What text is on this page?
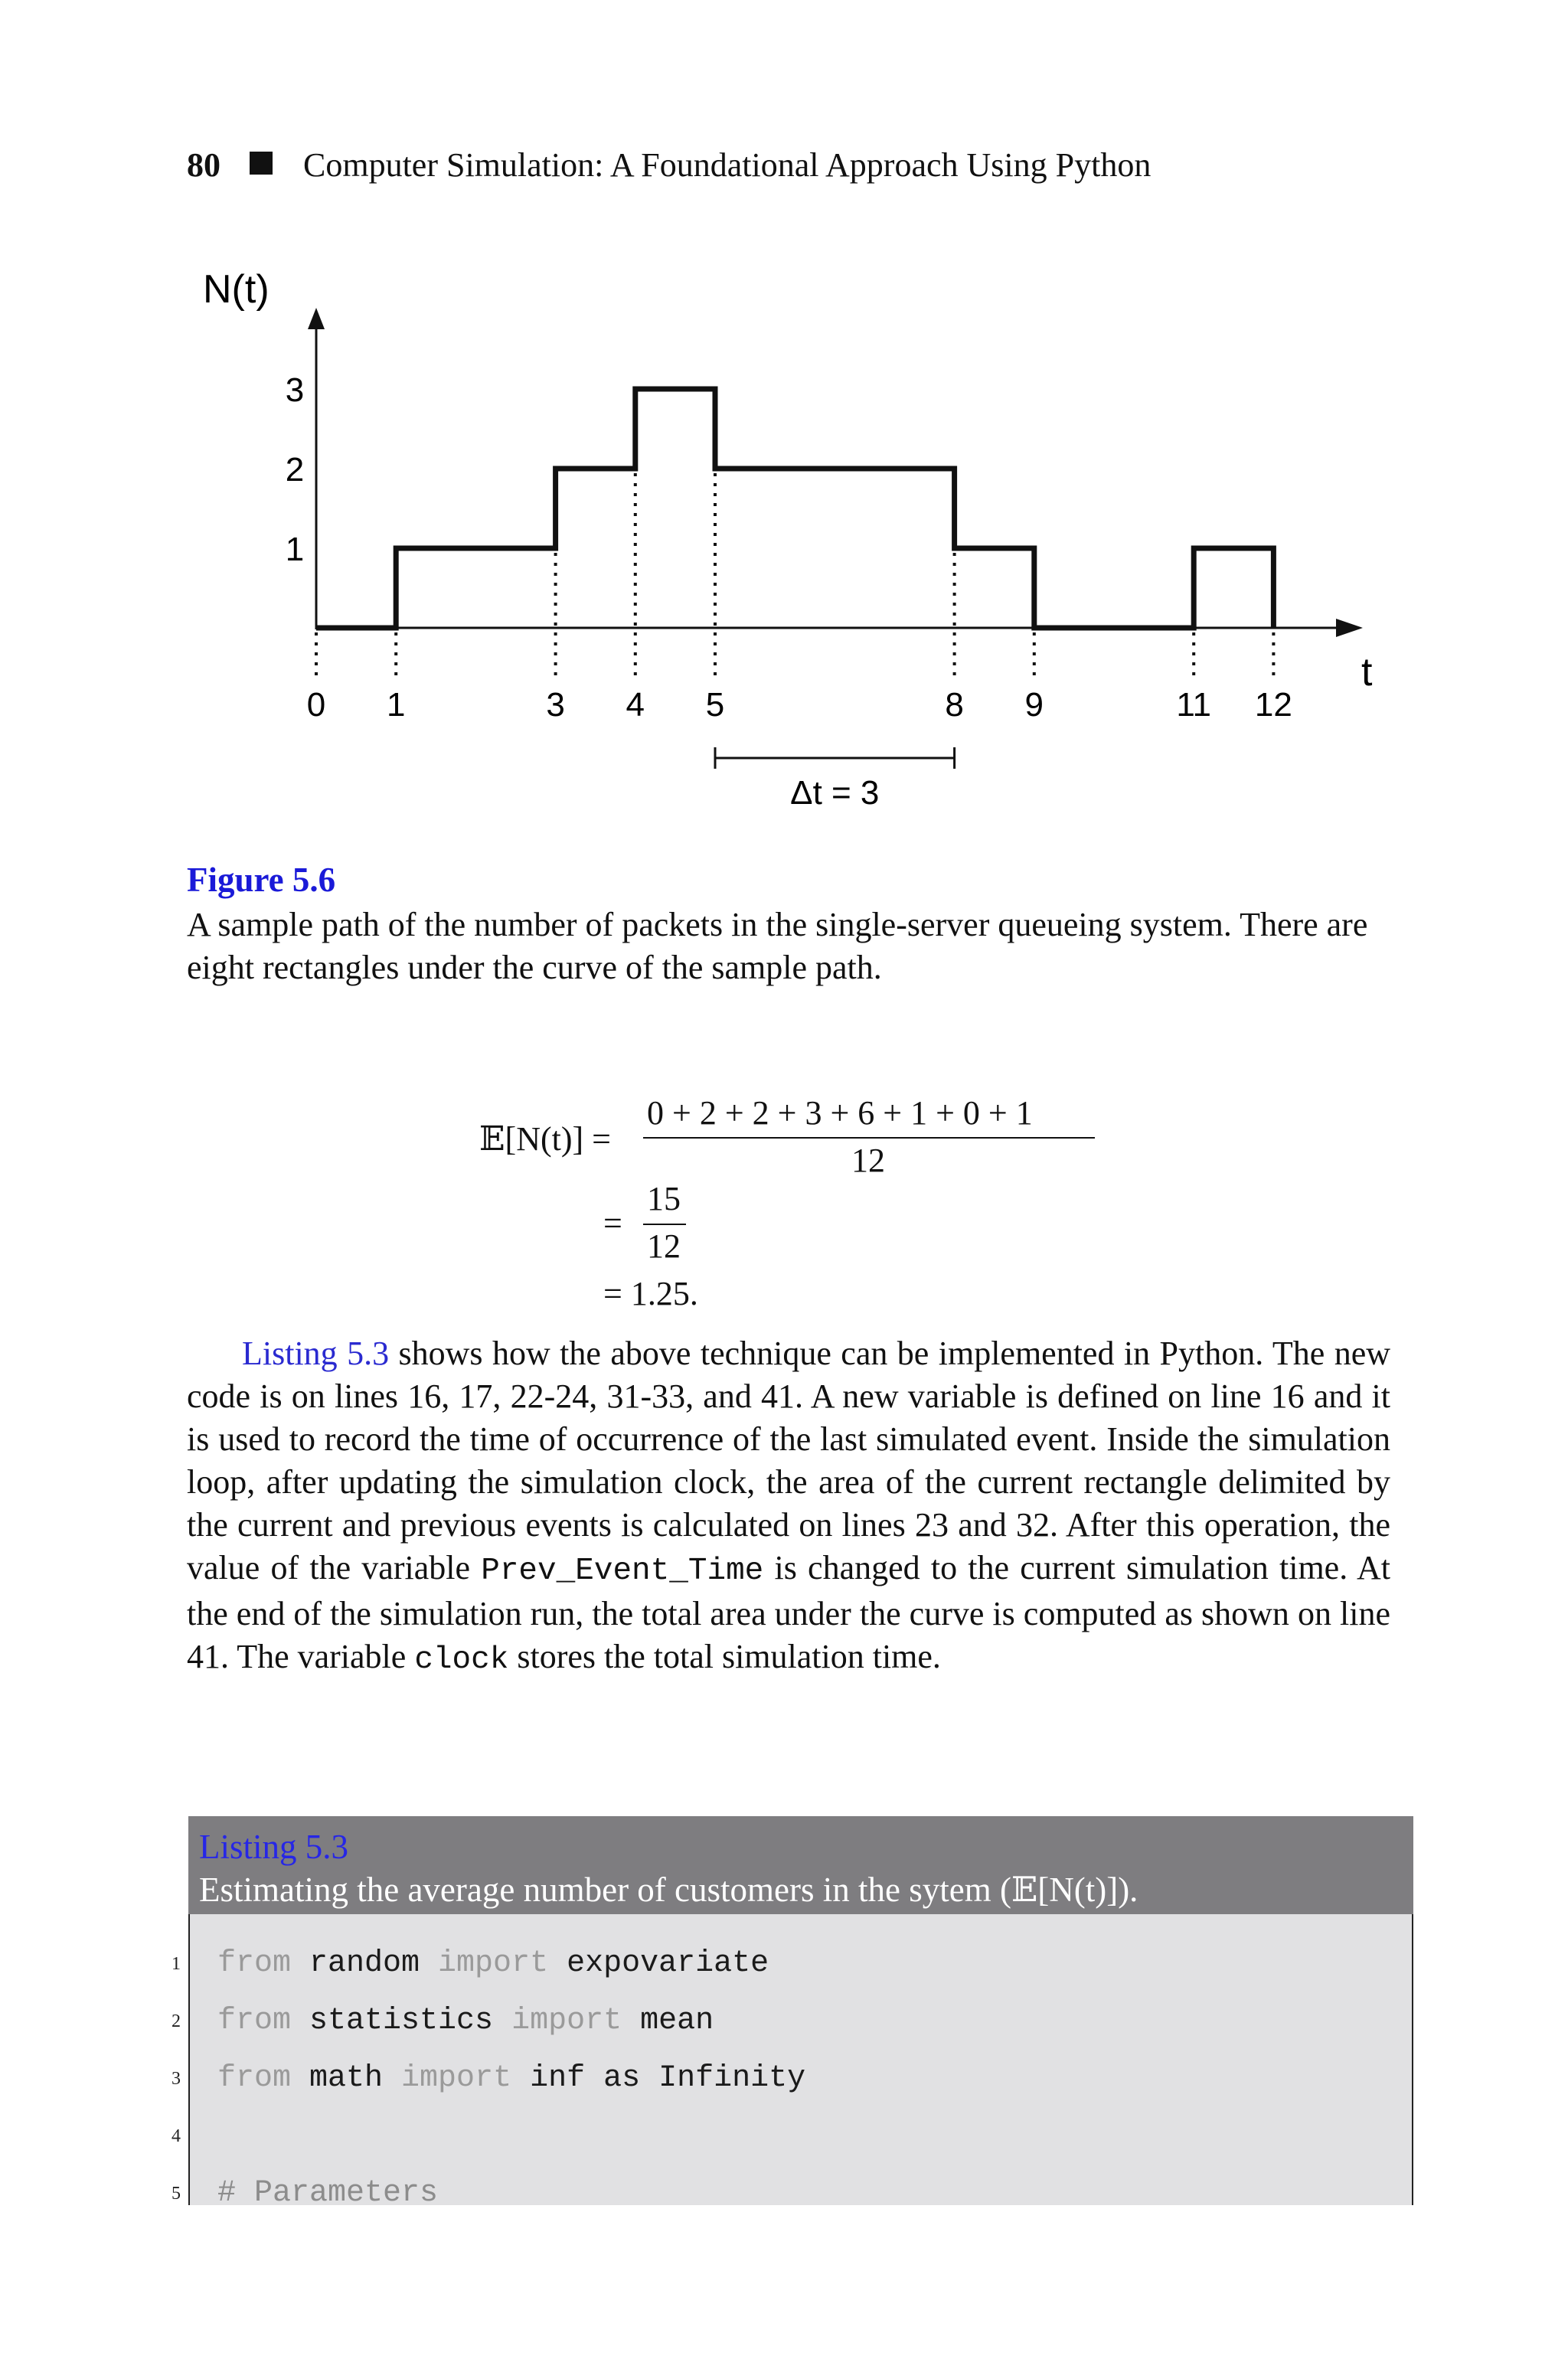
80 Computer Simulation: A Foundational Approach Using Python
N(t)
t
1
2
3
0 1	3 4 5	8 9	11 12
Δt = 3
Figure 5.6
A sample path of the number of packets in the single-server queueing system. There are eight rectangles under the curve of the sample path.
𝔼[N(t)] =
0 + 2 + 2 + 3 + 6 + 1 + 0 + 1
12
=
15
12
= 1.25.
Listing 5.3 shows how the above technique can be implemented in Python. The new code is on lines 16, 17, 22-24, 31-33, and 41. A new variable is defined on line 16 and it is used to record the time of occurrence of the last simulated event. Inside the simulation loop, after updating the simulation clock, the area of the current rectangle delimited by the current and previous events is calculated on lines 23 and 32. After this operation, the value of the variable Prev_Event_Time is changed to the current simulation time. At the end of the simulation run, the total area under the curve is computed as shown on line 41. The variable clock stores the total simulation time.
Listing 5.3
Estimating the average number of customers in the sytem (𝔼[N(t)]).
from random import expovariate
from statistics import mean
from math import inf as Infinity
# Parameters
1
2
3
4
5
